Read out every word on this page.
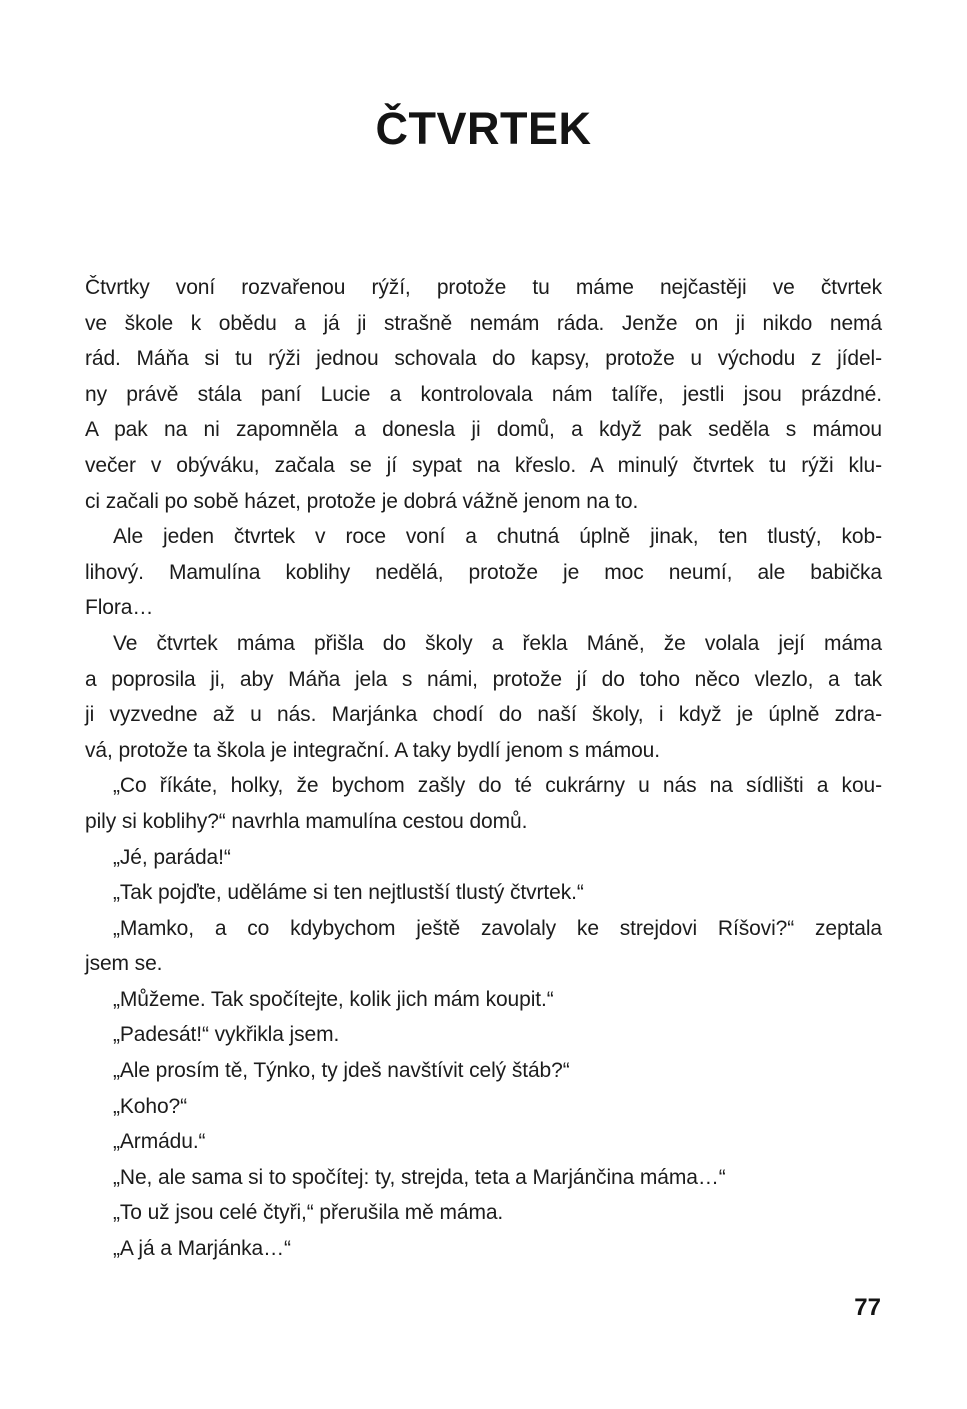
ČTVRTEK
Čtvrtky voní rozvařenou rýží, protože tu máme nejčastěji ve čtvrtek
ve škole k obědu a já ji strašně nemám ráda. Jenže on ji nikdo nemá
rád. Máňa si tu rýži jednou schovala do kapsy, protože u východu z jídel-
ny právě stála paní Lucie a kontrolovala nám talíře, jestli jsou prázdné.
A pak na ni zapomněla a donesla ji domů, a když pak seděla s mámou
večer v obýváku, začala se jí sypat na křeslo. A minulý čtvrtek tu rýži klu-
ci začali po sobě házet, protože je dobrá vážně jenom na to.
Ale jeden čtvrtek v roce voní a chutná úplně jinak, ten tlustý, kob-
lihový. Mamulína koblihy nedělá, protože je moc neumí, ale babička
Flora…
Ve čtvrtek máma přišla do školy a řekla Máně, že volala její máma
a poprosila ji, aby Máňa jela s námi, protože jí do toho něco vlezlo, a tak
ji vyzvedne až u nás. Marjánka chodí do naší školy, i když je úplně zdra-
vá, protože ta škola je integrační. A taky bydlí jenom s mámou.
„Co říkáte, holky, že bychom zašly do té cukrárny u nás na sídlišti a kou-
pily si koblihy?“ navrhla mamulína cestou domů.
„Jé, paráda!“
„Tak pojďte, uděláme si ten nejtlustší tlustý čtvrtek.“
„Mamko, a co kdybychom ještě zavolaly ke strejdovi Ríšovi?“ zeptala
jsem se.
„Můžeme. Tak spočítejte, kolik jich mám koupit.“
„Padesát!“ vykřikla jsem.
„Ale prosím tě, Týnko, ty jdeš navštívit celý štáb?“
„Koho?“
„Armádu.“
„Ne, ale sama si to spočítej: ty, strejda, teta a Marjánčina máma…“
„To už jsou celé čtyři,“ přerušila mě máma.
„A já a Marjánka…“
77
